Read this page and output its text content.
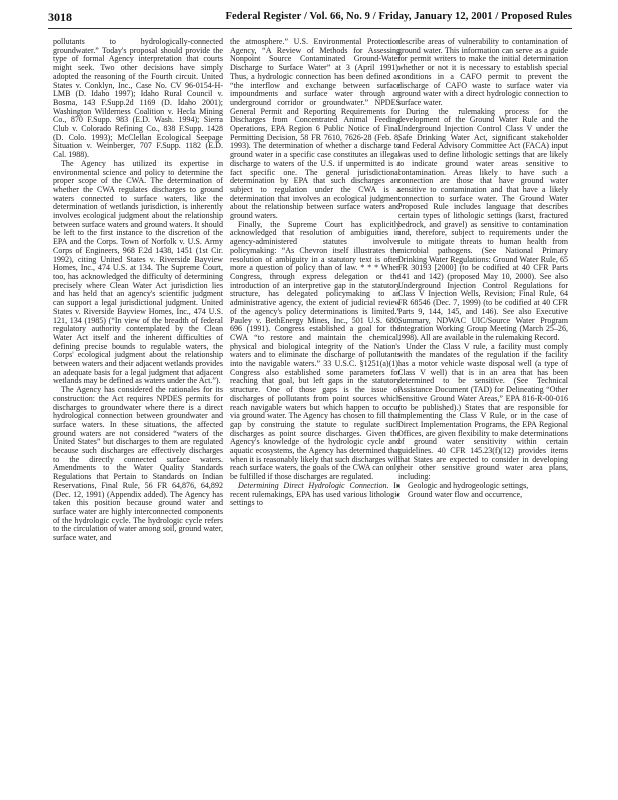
3018	Federal Register / Vol. 66, No. 9 / Friday, January 12, 2001 / Proposed Rules

pollutants to hydrologically-connected groundwater.” Today's proposal should provide the type of formal Agency interpretation that courts might seek. Two other decisions have simply adopted the reasoning of the Fourth circuit. United States v. Conklyn, Inc., Case No. CV 96-0154-H-LMB (D. Idaho 1997); Idaho Rural Council v. Bosma, 143 F.Supp.2d 1169 (D. Idaho 2001); Washington Wilderness Coalition v. Hecla Mining Co., 870 F.Supp. 983 (E.D. Wash. 1994); Sierra Club v. Colorado Refining Co., 838 F.Supp. 1428 (D. Colo. 1993); McClellan Ecological Seepage Situation v. Weinberger, 707 F.Supp. 1182 (E.D. Cal. 1988).

The Agency has utilized its expertise in environmental science and policy to determine the proper scope of the CWA. The determination of whether the CWA regulates discharges to ground waters connected to surface waters, like the determination of wetlands jurisdiction, is inherently involves ecological judgment about the relationship between surface waters and ground waters. It should be left to the first instance to the discretion of the EPA and the Corps. Town of Norfolk v. U.S. Army Corps of Engineers, 968 F.2d 1438, 1451 (1st Cir. 1992), citing United States v. Riverside Bayview Homes, Inc., 474 U.S. at 134. The Supreme Court, too, has acknowledged the difficulty of determining precisely where Clean Water Act jurisdiction lies and has held that an agency's scientific judgment can support a legal jurisdictional judgment. United States v. Riverside Bayview Homes, Inc., 474 U.S. 121, 134 (1985) (“In view of the breadth of federal regulatory authority contemplated by the Clean Water Act itself and the inherent difficulties of defining precise bounds to regulable waters, the Corps' ecological judgment about the relationship between waters and their adjacent wetlands provides an adequate basis for a legal judgment that adjacent wetlands may be defined as waters under the Act.”).

The Agency has considered the rationales for its construction: the Act requires NPDES permits for discharges to groundwater where there is a direct hydrological connection between groundwater and surface waters. In these situations, the affected ground waters are not considered “waters of the United States” but discharges to them are regulated because such discharges are effectively discharges to the directly connected surface waters. Amendments to the Water Quality Standards Regulations that Pertain to Standards on Indian Reservations, Final Rule, 56 FR 64,876, 64,892 (Dec. 12, 1991) (Appendix added). The Agency has taken this position because ground water and surface water are highly interconnected components of the hydrologic cycle. The hydrologic cycle refers to the circulation of water among soil, ground water, surface water, and

the atmosphere.” U.S. Environmental Protection Agency, “A Review of Methods for Assessing Nonpoint Source Contaminated Ground-Water Discharge to Surface Water” at 3 (April 1991). Thus, a hydrologic connection has been defined as “the interflow and exchange between surface impoundments and surface water through an underground corridor or groundwater.” NPDES General Permit and Reporting Requirements for Discharges from Concentrated Animal Feeding Operations, EPA Region 6 Public Notice of Final Permitting Decision, 58 FR 7610, 7626-28 (Feb. 8, 1993). The determination of whether a discharge to ground water in a specific case constitutes an illegal discharge to waters of the U.S. if unpermitted is a fact specific one. The general jurisdictional determination by EPA that such discharges are subject to regulation under the CWA is a determination that involves an ecological judgment about the relationship between surface waters and ground waters.

Finally, the Supreme Court has explicitly acknowledged that resolution of ambiguities in agency-administered statutes involves policymaking: “As Chevron itself illustrates the resolution of ambiguity in a statutory text is often more a question of policy than of law. * * * When Congress, through express delegation or the introduction of an interpretive gap in the statutory structure, has delegated policymaking to an administrative agency, the extent of judicial review of the agency's policy determinations is limited.” Pauley v. BethEnergy Mines, Inc., 501 U.S. 680, 696 (1991). Congress established a goal for the CWA “to restore and maintain the chemical, physical and biological integrity of the Nation's waters and to eliminate the discharge of pollutants into the navigable waters.” 33 U.S.C. §1251(a)(1). Congress also established some parameters for reaching that goal, but left gaps in the statutory structure. One of those gaps is the issue of discharges of pollutants from point sources which reach navigable waters but which happen to occur via ground water. The Agency has chosen to fill that gap by construing the statute to regulate such discharges as point source discharges. Given the Agency's knowledge of the hydrologic cycle and aquatic ecosystems, the Agency has determined that when it is reasonably likely that such discharges will reach surface waters, the goals of the CWA can only be fulfilled if those discharges are regulated.

Determining Direct Hydrologic Connection. In recent rulemakings, EPA has used various lithologic settings to

describe areas of vulnerability to contamination of ground water. This information can serve as a guide for permit writers to make the initial determination whether or not it is necessary to establish special conditions in a CAFO permit to prevent the discharge of CAFO waste to surface water via ground water with a direct hydrologic connection to surface water.

During the rulemaking process for the development of the Ground Water Rule and the Underground Injection Control Class V under the Safe Drinking Water Act, significant stakeholder and Federal Advisory Committee Act (FACA) input was used to define lithologic settings that are likely to indicate ground water areas sensitive to contamination. Areas likely to have such a connection are those that have ground water sensitive to contamination and that have a likely connection to surface water. The Ground Water Proposed Rule includes language that describes certain types of lithologic settings (karst, fractured bedrock, and gravel) as sensitive to contamination and, therefore, subject to requirements under the rule to mitigate threats to human health from microbial pathogens. (See National Primary Drinking Water Regulations: Ground Water Rule, 65 FR 30193 [2000] (to be codified at 40 CFR Parts 141 and 142) (proposed May 10, 2000). See also Underground Injection Control Regulations for Class V Injection Wells, Revision; Final Rule, 64 FR 68546 (Dec. 7, 1999) (to be codified at 40 CFR Parts 9, 144, 145, and 146). See also Executive Summary, NDWAC UIC/Source Water Program Integration Working Group Meeting (March 25–26, 1998). All are available in the rulemaking Record.

Under the Class V rule, a facility must comply with the mandates of the regulation if the facility has a motor vehicle waste disposal well (a type of Class V well) that is in an area that has been determined to be sensitive. (See Technical Assistance Document (TAD) for Delineating “Other Sensitive Ground Water Areas,” EPA 816-R-00-016 (to be published).) States that are responsible for implementing the Class V Rule, or in the case of Direct Implementation Programs, the EPA Regional Offices, are given flexibility to make determinations of ground water sensitivity within certain guidelines. 40 CFR 145.23(f)(12) provides items that States are expected to consider in developing their other sensitive ground water area plans, including:

• Geologic and hydrogeologic settings,
• Ground water flow and occurrence,
